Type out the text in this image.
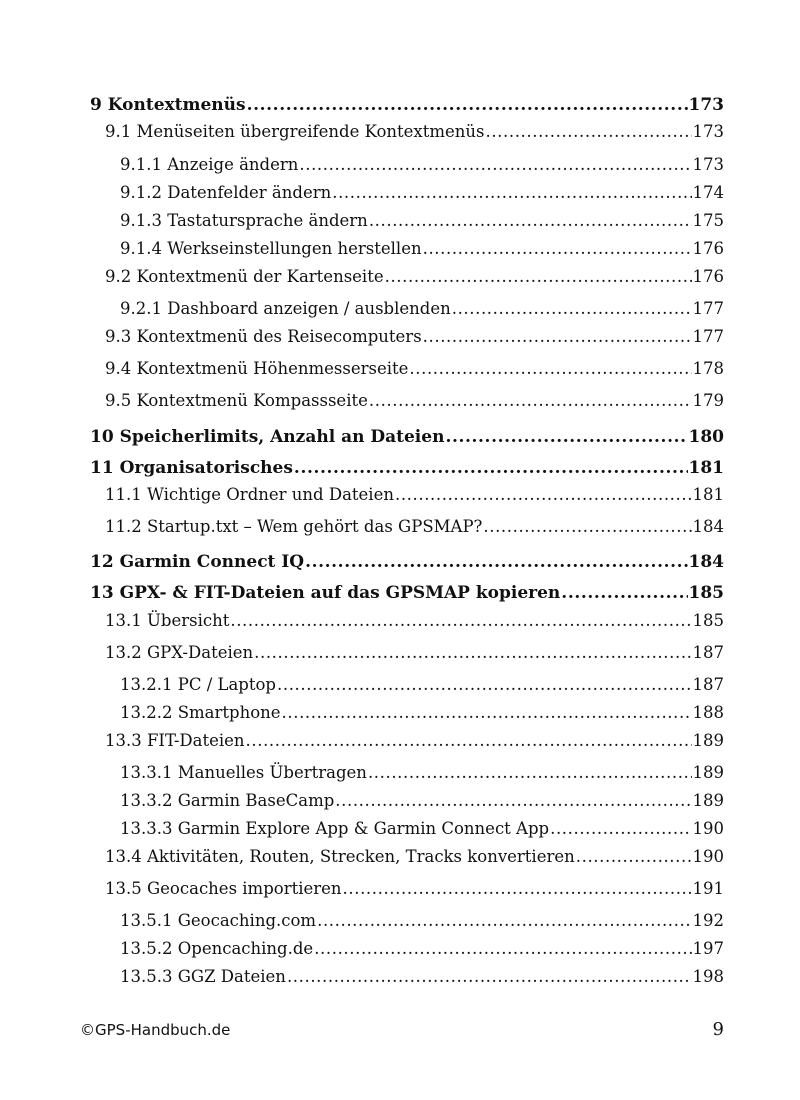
9 Kontextmenüs .....	173
9.1 Menüseiten übergreifende Kontextmenüs .....	173
9.1.1 Anzeige ändern .....	173
9.1.2 Datenfelder ändern .....	174
9.1.3 Tastatursprache ändern .....	175
9.1.4 Werkseinstellungen herstellen .....	176
9.2 Kontextmenü der Kartenseite .....	176
9.2.1 Dashboard anzeigen / ausblenden .....	177
9.3 Kontextmenü des Reisecomputers .....	177
9.4 Kontextmenü Höhenmesserseite .....	178
9.5 Kontextmenü Kompassseite .....	179
10 Speicherlimits, Anzahl an Dateien .....	180
11 Organisatorisches .....	181
11.1 Wichtige Ordner und Dateien .....	181
11.2 Startup.txt – Wem gehört das GPSMAP? .....	184
12 Garmin Connect IQ .....	184
13 GPX- & FIT-Dateien auf das GPSMAP kopieren .....	185
13.1 Übersicht .....	185
13.2 GPX-Dateien .....	187
13.2.1 PC / Laptop .....	187
13.2.2 Smartphone .....	188
13.3 FIT-Dateien .....	189
13.3.1 Manuelles Übertragen .....	189
13.3.2 Garmin BaseCamp .....	189
13.3.3 Garmin Explore App & Garmin Connect App .....	190
13.4 Aktivitäten, Routen, Strecken, Tracks konvertieren .....	190
13.5 Geocaches importieren .....	191
13.5.1 Geocaching.com .....	192
13.5.2 Opencaching.de .....	197
13.5.3 GGZ Dateien .....	198
©GPS-Handbuch.de	9
